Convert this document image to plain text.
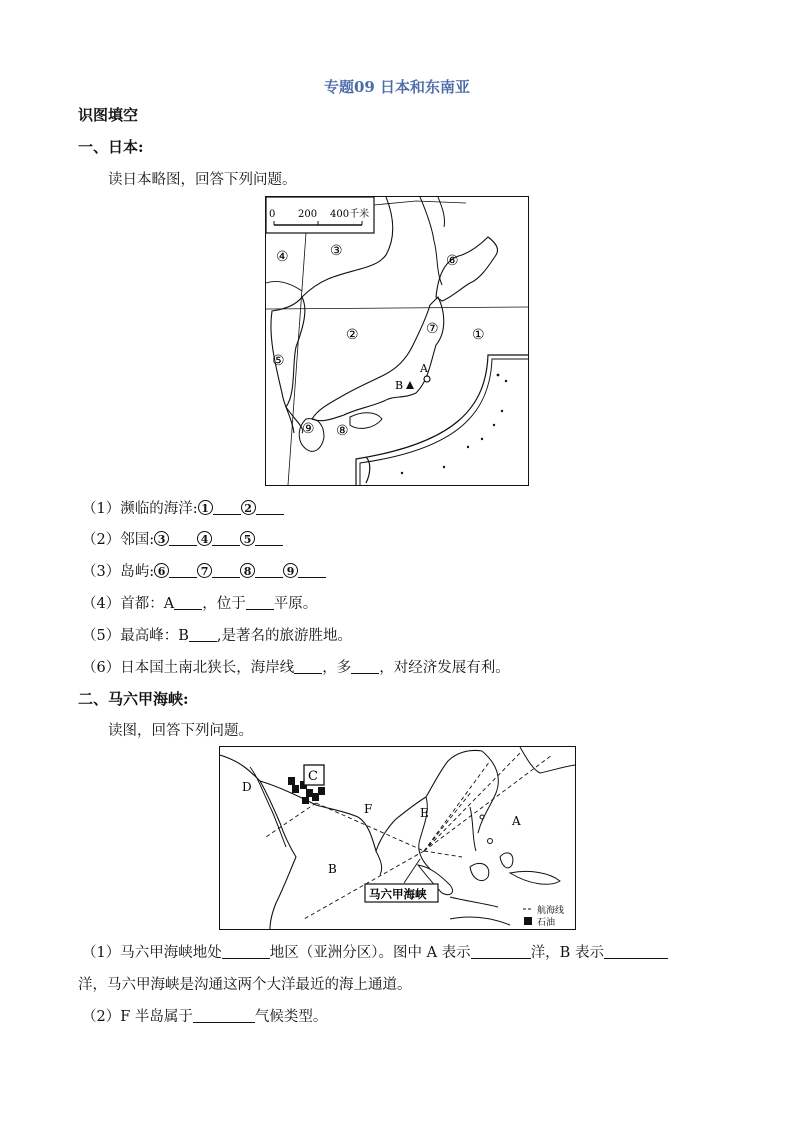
专题09 日本和东南亚
识图填空
一、日本:
读日本略图，回答下列问题。
0 200 400千米
④	③
⑥
②	⑦ ①
⑤	A
B
⑨ ⑧
（1）濒临的海洋: 1	2
（2）邻国: 3	4	5
（3）岛屿: 6	7	8	9
（4）首都：A ，位于 平原。
（5）最高峰：B ,是著名的旅游胜地。
（6）日本国土南北狭长，海岸线 ，多 ，对经济发展有利。
二、马六甲海峡:
读图，回答下列问题。
C
D
F	E
A
B
马六甲海峡
航海线
石油
（1）马六甲海峡地处	地区（亚洲分区）。图中 A 表示	洋，B 表示
洋，马六甲海峡是沟通这两个大洋最近的海上通道。
（2）F 半岛属于	气候类型。
